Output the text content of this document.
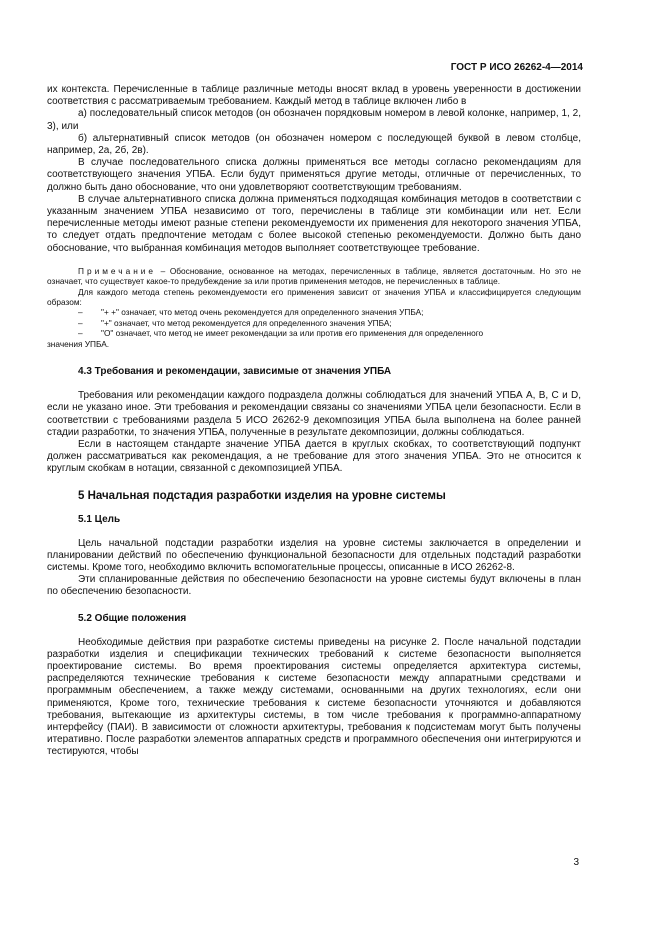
ГОСТ Р ИСО 26262-4—2014

их контекста. Перечисленные в таблице различные методы вносят вклад в уровень уверенности в достижении соответствия с рассматриваемым требованием. Каждый метод в таблице включен либо в

а) последовательный список методов (он обозначен порядковым номером в левой колонке, например, 1, 2, 3), или

б) альтернативный список методов (он обозначен номером с последующей буквой в левом столбце, например, 2а, 2б, 2в).

В случае последовательного списка должны применяться все методы согласно рекомендациям для соответствующего значения УПБА. Если будут применяться другие методы, отличные от перечисленных, то должно быть дано обоснование, что они удовлетворяют соответствующим требованиям.

В случае альтернативного списка должна применяться подходящая комбинация методов в соответствии с указанным значением УПБА независимо от того, перечислены в таблице эти комбинации или нет. Если перечисленные методы имеют разные степени рекомендуемости их применения для некоторого значения УПБА, то следует отдать предпочтение методам с более высокой степенью рекомендуемости. Должно быть дано обоснование, что выбранная комбинация методов выполняет соответствующее требование.

Примечание – Обоснование, основанное на методах, перечисленных в таблице, является достаточным. Но это не означает, что существует какое-то предубеждение за или против применения методов, не перечисленных в таблице.

Для каждого метода степень рекомендуемости его применения зависит от значения УПБА и классифицируется следующим образом:

– "+ +" означает, что метод очень рекомендуется для определенного значения УПБА;
– "+" означает, что метод рекомендуется для определенного значения УПБА;
– "О" означает, что метод не имеет рекомендации за или против его применения для определенного

значения УПБА.

4.3 Требования и рекомендации, зависимые от значения УПБА

Требования или рекомендации каждого подраздела должны соблюдаться для значений УПБА А, В, С и D, если не указано иное. Эти требования и рекомендации связаны со значениями УПБА цели безопасности. Если в соответствии с требованиями раздела 5 ИСО 26262-9 декомпозиция УПБА была выполнена на более ранней стадии разработки, то значения УПБА, полученные в результате декомпозиции, должны соблюдаться.

Если в настоящем стандарте значение УПБА дается в круглых скобках, то соответствующий подпункт должен рассматриваться как рекомендация, а не требование для этого значения УПБА. Это не относится к круглым скобкам в нотации, связанной с декомпозицией УПБА.

5 Начальная подстадия разработки изделия на уровне системы

5.1 Цель

Цель начальной подстадии разработки изделия на уровне системы заключается в определении и планировании действий по обеспечению функциональной безопасности для отдельных подстадий разработки системы. Кроме того, необходимо включить вспомогательные процессы, описанные в ИСО 26262-8.

Эти спланированные действия по обеспечению безопасности на уровне системы будут включены в план по обеспечению безопасности.

5.2 Общие положения

Необходимые действия при разработке системы приведены на рисунке 2. После начальной подстадии разработки изделия и спецификации технических требований к системе безопасности выполняется проектирование системы. Во время проектирования системы определяется архитектура системы, распределяются технические требования к системе безопасности между аппаратными средствами и программным обеспечением, а также между системами, основанными на других технологиях, если они применяются, Кроме того, технические требования к системе безопасности уточняются и добавляются требования, вытекающие из архитектуры системы, в том числе требования к программно-аппаратному интерфейсу (ПАИ). В зависимости от сложности архитектуры, требования к подсистемам могут быть получены итеративно. После разработки элементов аппаратных средств и программного обеспечения они интегрируются и тестируются, чтобы

3
